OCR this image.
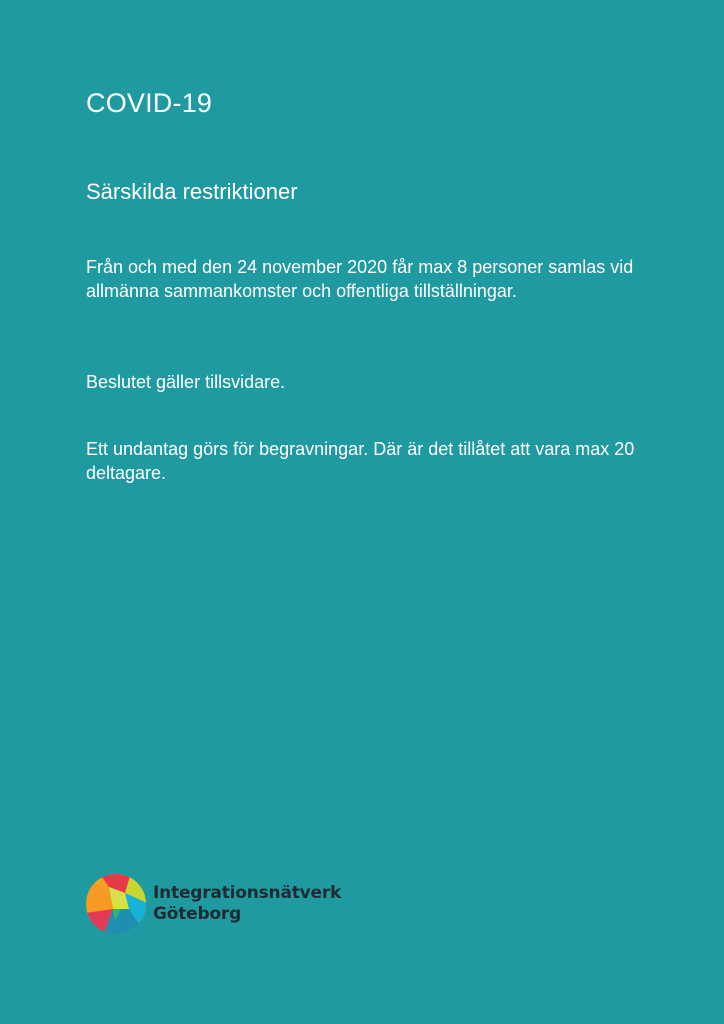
COVID-19
Särskilda restriktioner

Från och med den 24 november 2020 får max 8 personer samlas vid allmänna sammankomster och offentliga tillställningar.

Beslutet gäller tillsvidare.

Ett undantag görs för begravningar. Där är det tillåtet att vara max 20 deltagare.

Integrationsnätverk
Göteborg
